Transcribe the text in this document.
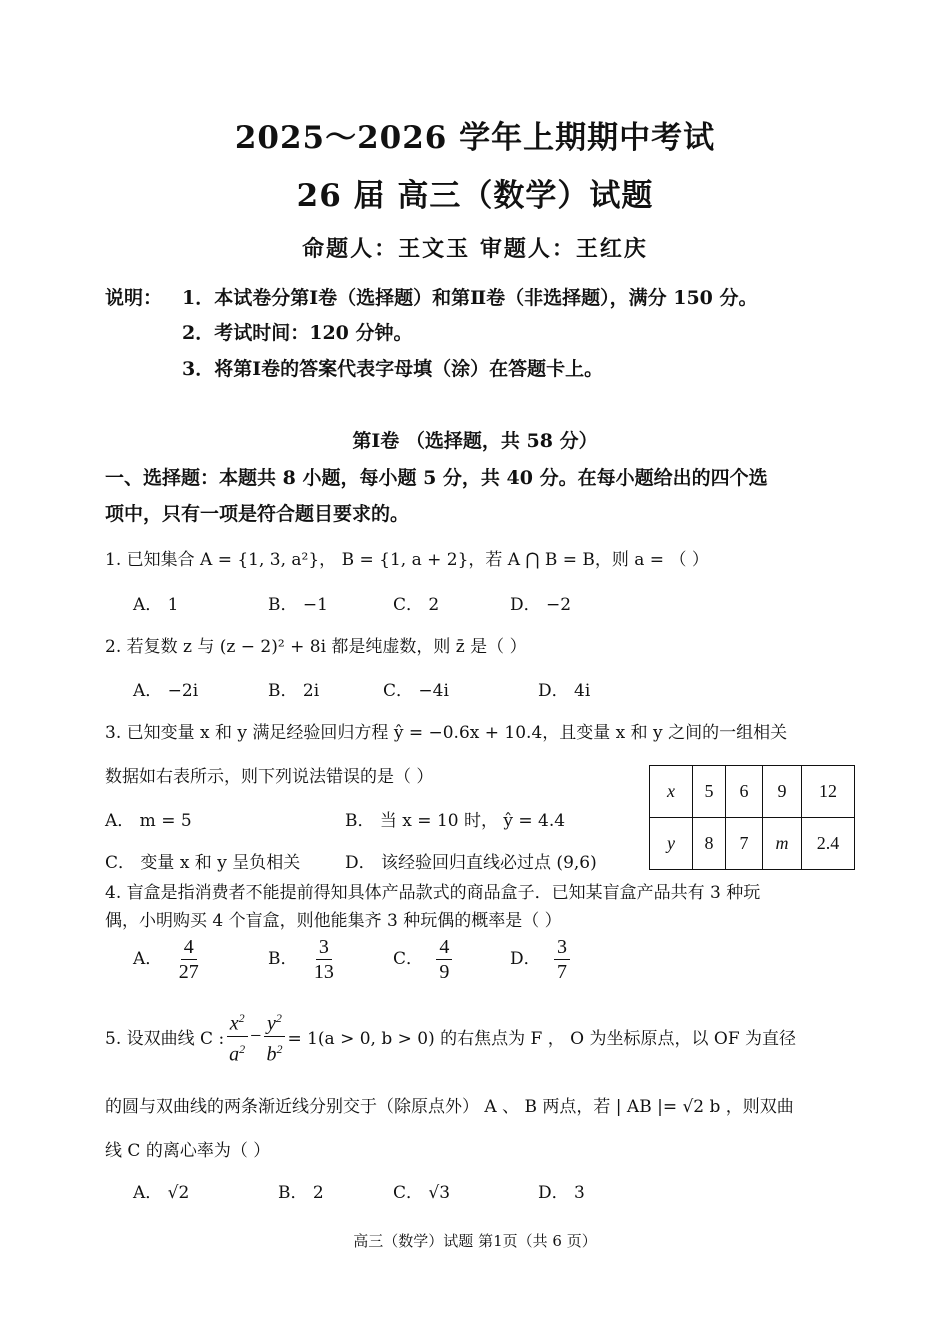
2025～2026 学年上期期中考试
26 届 高三（数学）试题
命题人：王文玉 审题人：王红庆
说明： 1．本试卷分第Ⅰ卷（选择题）和第Ⅱ卷（非选择题），满分 150 分。
2．考试时间：120 分钟。
3．将第Ⅰ卷的答案代表字母填（涂）在答题卡上。
第Ⅰ卷 （选择题，共 58 分）
一、选择题：本题共 8 小题，每小题 5 分，共 40 分。在每小题给出的四个选
项中，只有一项是符合题目要求的。
1. 已知集合 A = {1, 3, a²}， B = {1, a + 2}，若 A ⋂ B = B，则 a = （ ）
A． 1	B． −1	C． 2	D． −2
2. 若复数 z 与 (z − 2)² + 8i 都是纯虚数，则 z̄ 是（ ）
A． −2i	B． 2i	C． −4i	D． 4i
3. 已知变量 x 和 y 满足经验回归方程 ŷ = −0.6x + 10.4，且变量 x 和 y 之间的一组相关
数据如右表所示，则下列说法错误的是（ ）
A． m = 5	B． 当 x = 10 时， ŷ = 4.4
C． 变量 x 和 y 呈负相关	D． 该经验回归直线必过点 (9,6)
x	5	6	9	12
y	8	7	m	2.4
4. 盲盒是指消费者不能提前得知具体产品款式的商品盒子．已知某盲盒产品共有 3 种玩
偶，小明购买 4 个盲盒，则他能集齐 3 种玩偶的概率是（ ）
A． $\frac{4}{27}$	B． $\frac{3}{13}$	C． $\frac{4}{9}$	D． $\frac{3}{7}$
5. 设双曲线 C : $\frac{x^2}{a^2} - \frac{y^2}{b^2} = 1(a > 0$, b > 0) 的右焦点为 F ， O 为坐标原点，以 OF 为直径
的圆与双曲线的两条渐近线分别交于（除原点外） A 、 B 两点，若 | AB |= √2 b ，则双曲
线 C 的离心率为（ ）
A． √2	B． 2	C． √3	D． 3
高三（数学）试题 第1页（共 6 页）
